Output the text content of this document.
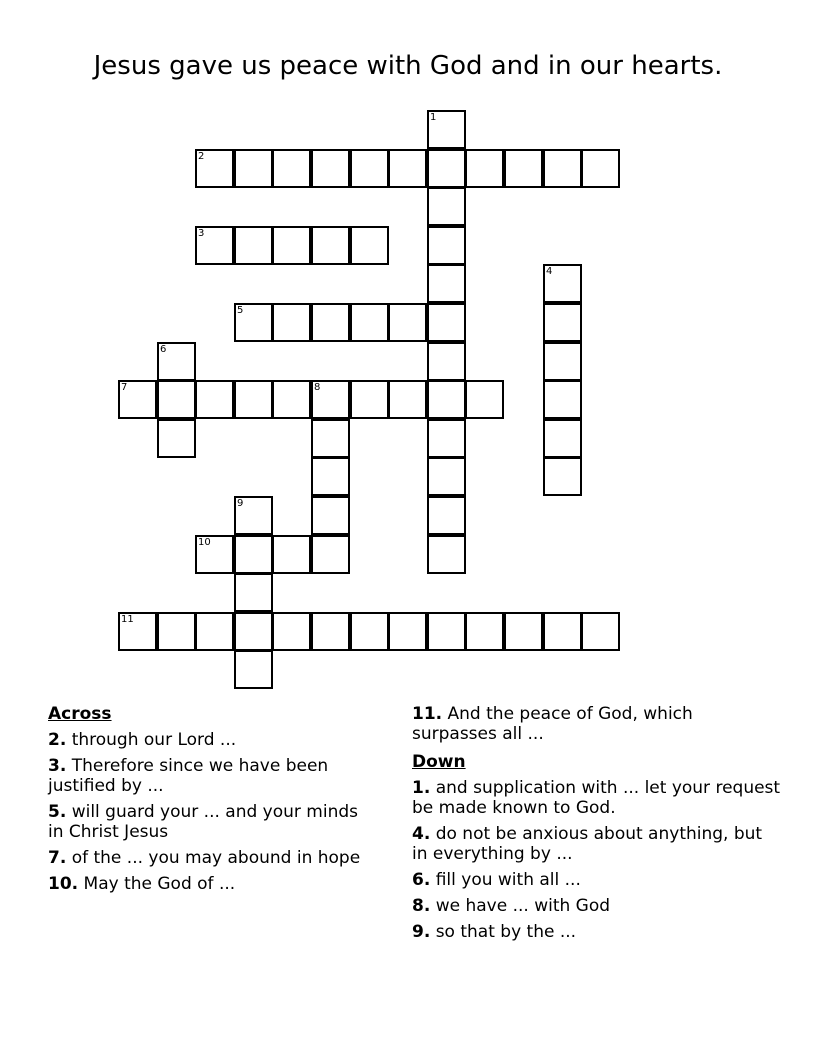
Jesus gave us peace with God and in our hearts.
1
2
3
4
5
6
7	8
9
10
11
Across
2. through our Lord ...
3. Therefore since we have been justified by ...
5. will guard your ... and your minds in Christ Jesus
7. of the ... you may abound in hope
10. May the God of ...
11. And the peace of God, which surpasses all ...
Down
1. and supplication with ... let your request be made known to God.
4. do not be anxious about anything, but in everything by ...
6. fill you with all ...
8. we have ... with God
9. so that by the ...
